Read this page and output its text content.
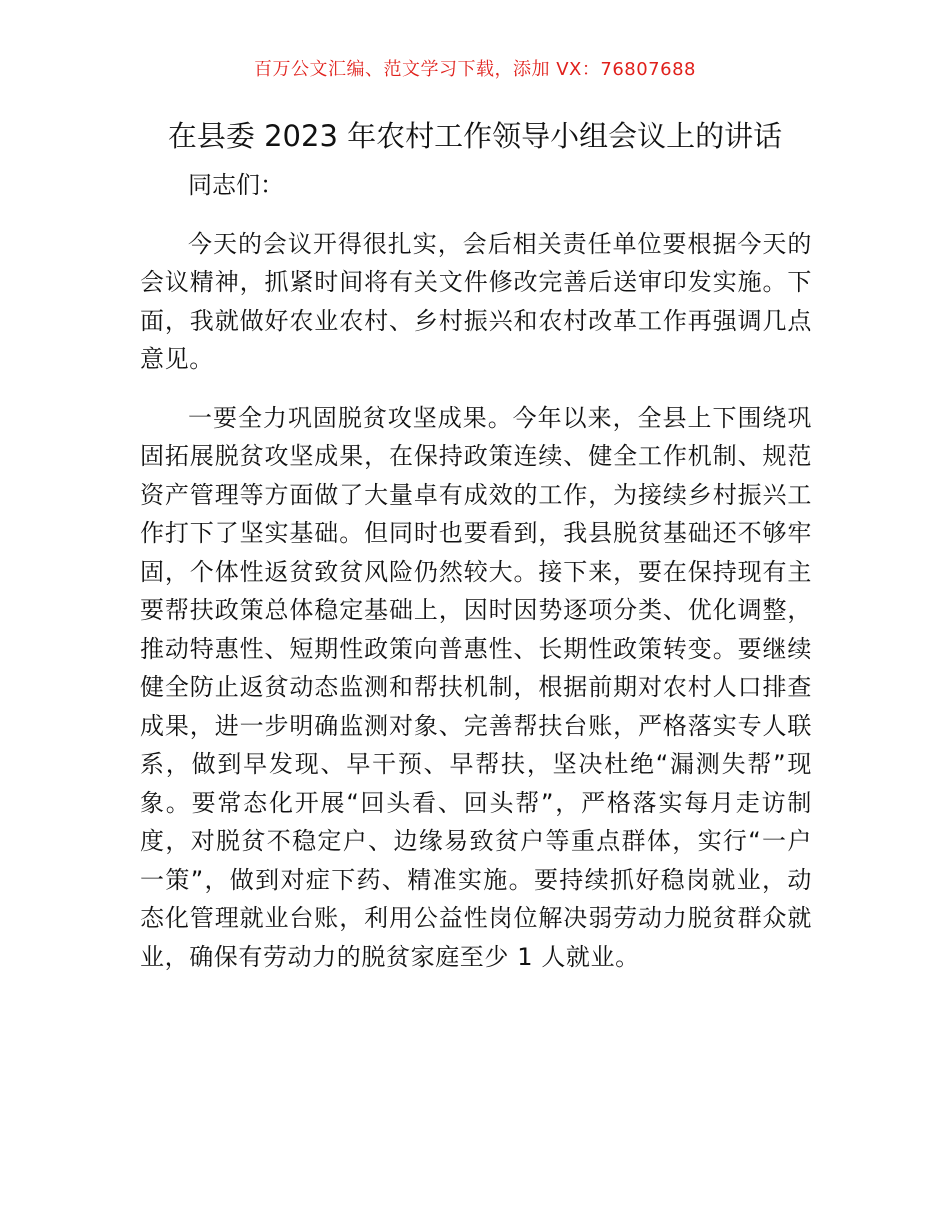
百万公文汇编、范文学习下载，添加 VX：76807688
在县委 2023 年农村工作领导小组会议上的讲话

同志们：

今天的会议开得很扎实，会后相关责任单位要根据今天的会议精神，抓紧时间将有关文件修改完善后送审印发实施。下面，我就做好农业农村、乡村振兴和农村改革工作再强调几点意见。

一要全力巩固脱贫攻坚成果。今年以来，全县上下围绕巩固拓展脱贫攻坚成果，在保持政策连续、健全工作机制、规范资产管理等方面做了大量卓有成效的工作，为接续乡村振兴工作打下了坚实基础。但同时也要看到，我县脱贫基础还不够牢固，个体性返贫致贫风险仍然较大。接下来，要在保持现有主要帮扶政策总体稳定基础上，因时因势逐项分类、优化调整，推动特惠性、短期性政策向普惠性、长期性政策转变。要继续健全防止返贫动态监测和帮扶机制，根据前期对农村人口排查成果，进一步明确监测对象、完善帮扶台账，严格落实专人联系，做到早发现、早干预、早帮扶，坚决杜绝“漏测失帮”现象。要常态化开展“回头看、回头帮”，严格落实每月走访制度，对脱贫不稳定户、边缘易致贫户等重点群体，实行“一户一策”，做到对症下药、精准实施。要持续抓好稳岗就业，动态化管理就业台账，利用公益性岗位解决弱劳动力脱贫群众就业，确保有劳动力的脱贫家庭至少 1 人就业。
